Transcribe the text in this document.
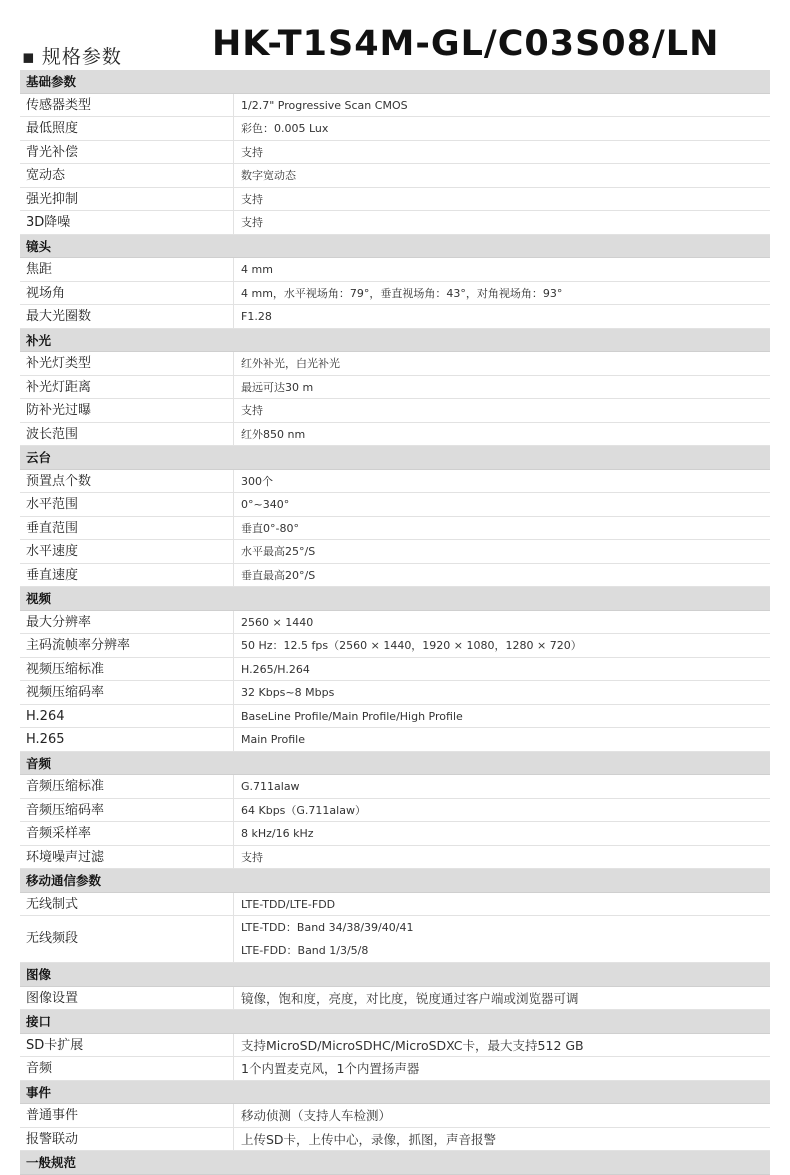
▪ 规格参数	HK-T1S4M-GL/C03S08/LN
基础参数
传感器类型	1/2.7" Progressive Scan CMOS
最低照度	彩色：0.005 Lux
背光补偿	支持
宽动态	数字宽动态
强光抑制	支持
3D降噪	支持
镜头
焦距	4 mm
视场角	4 mm，水平视场角：79°，垂直视场角：43°，对角视场角：93°
最大光圈数	F1.28
补光
补光灯类型	红外补光，白光补光
补光灯距离	最远可达30 m
防补光过曝	支持
波长范围	红外850 nm
云台
预置点个数	300个
水平范围	0°~340°
垂直范围	垂直0°-80°
水平速度	水平最高25°/S
垂直速度	垂直最高20°/S
视频
最大分辨率	2560 × 1440
主码流帧率分辨率	50 Hz：12.5 fps（2560 × 1440，1920 × 1080，1280 × 720）
视频压缩标准	H.265/H.264
视频压缩码率	32 Kbps~8 Mbps
H.264	BaseLine Profile/Main Profile/High Profile
H.265	Main Profile
音频
音频压缩标准	G.711alaw
音频压缩码率	64 Kbps（G.711alaw）
音频采样率	8 kHz/16 kHz
环境噪声过滤	支持
移动通信参数
无线制式	LTE-TDD/LTE-FDD
无线频段
LTE-TDD：Band 34/38/39/40/41
LTE-FDD：Band 1/3/5/8
图像
图像设置	镜像，饱和度，亮度，对比度，锐度通过客户端或浏览器可调
接口
SD卡扩展	支持MicroSD/MicroSDHC/MicroSDXC卡，最大支持512 GB
音频	1个内置麦克风，1个内置扬声器
事件
普通事件	移动侦测（支持人车检测）
报警联动	上传SD卡，上传中心，录像，抓图，声音报警
一般规范
